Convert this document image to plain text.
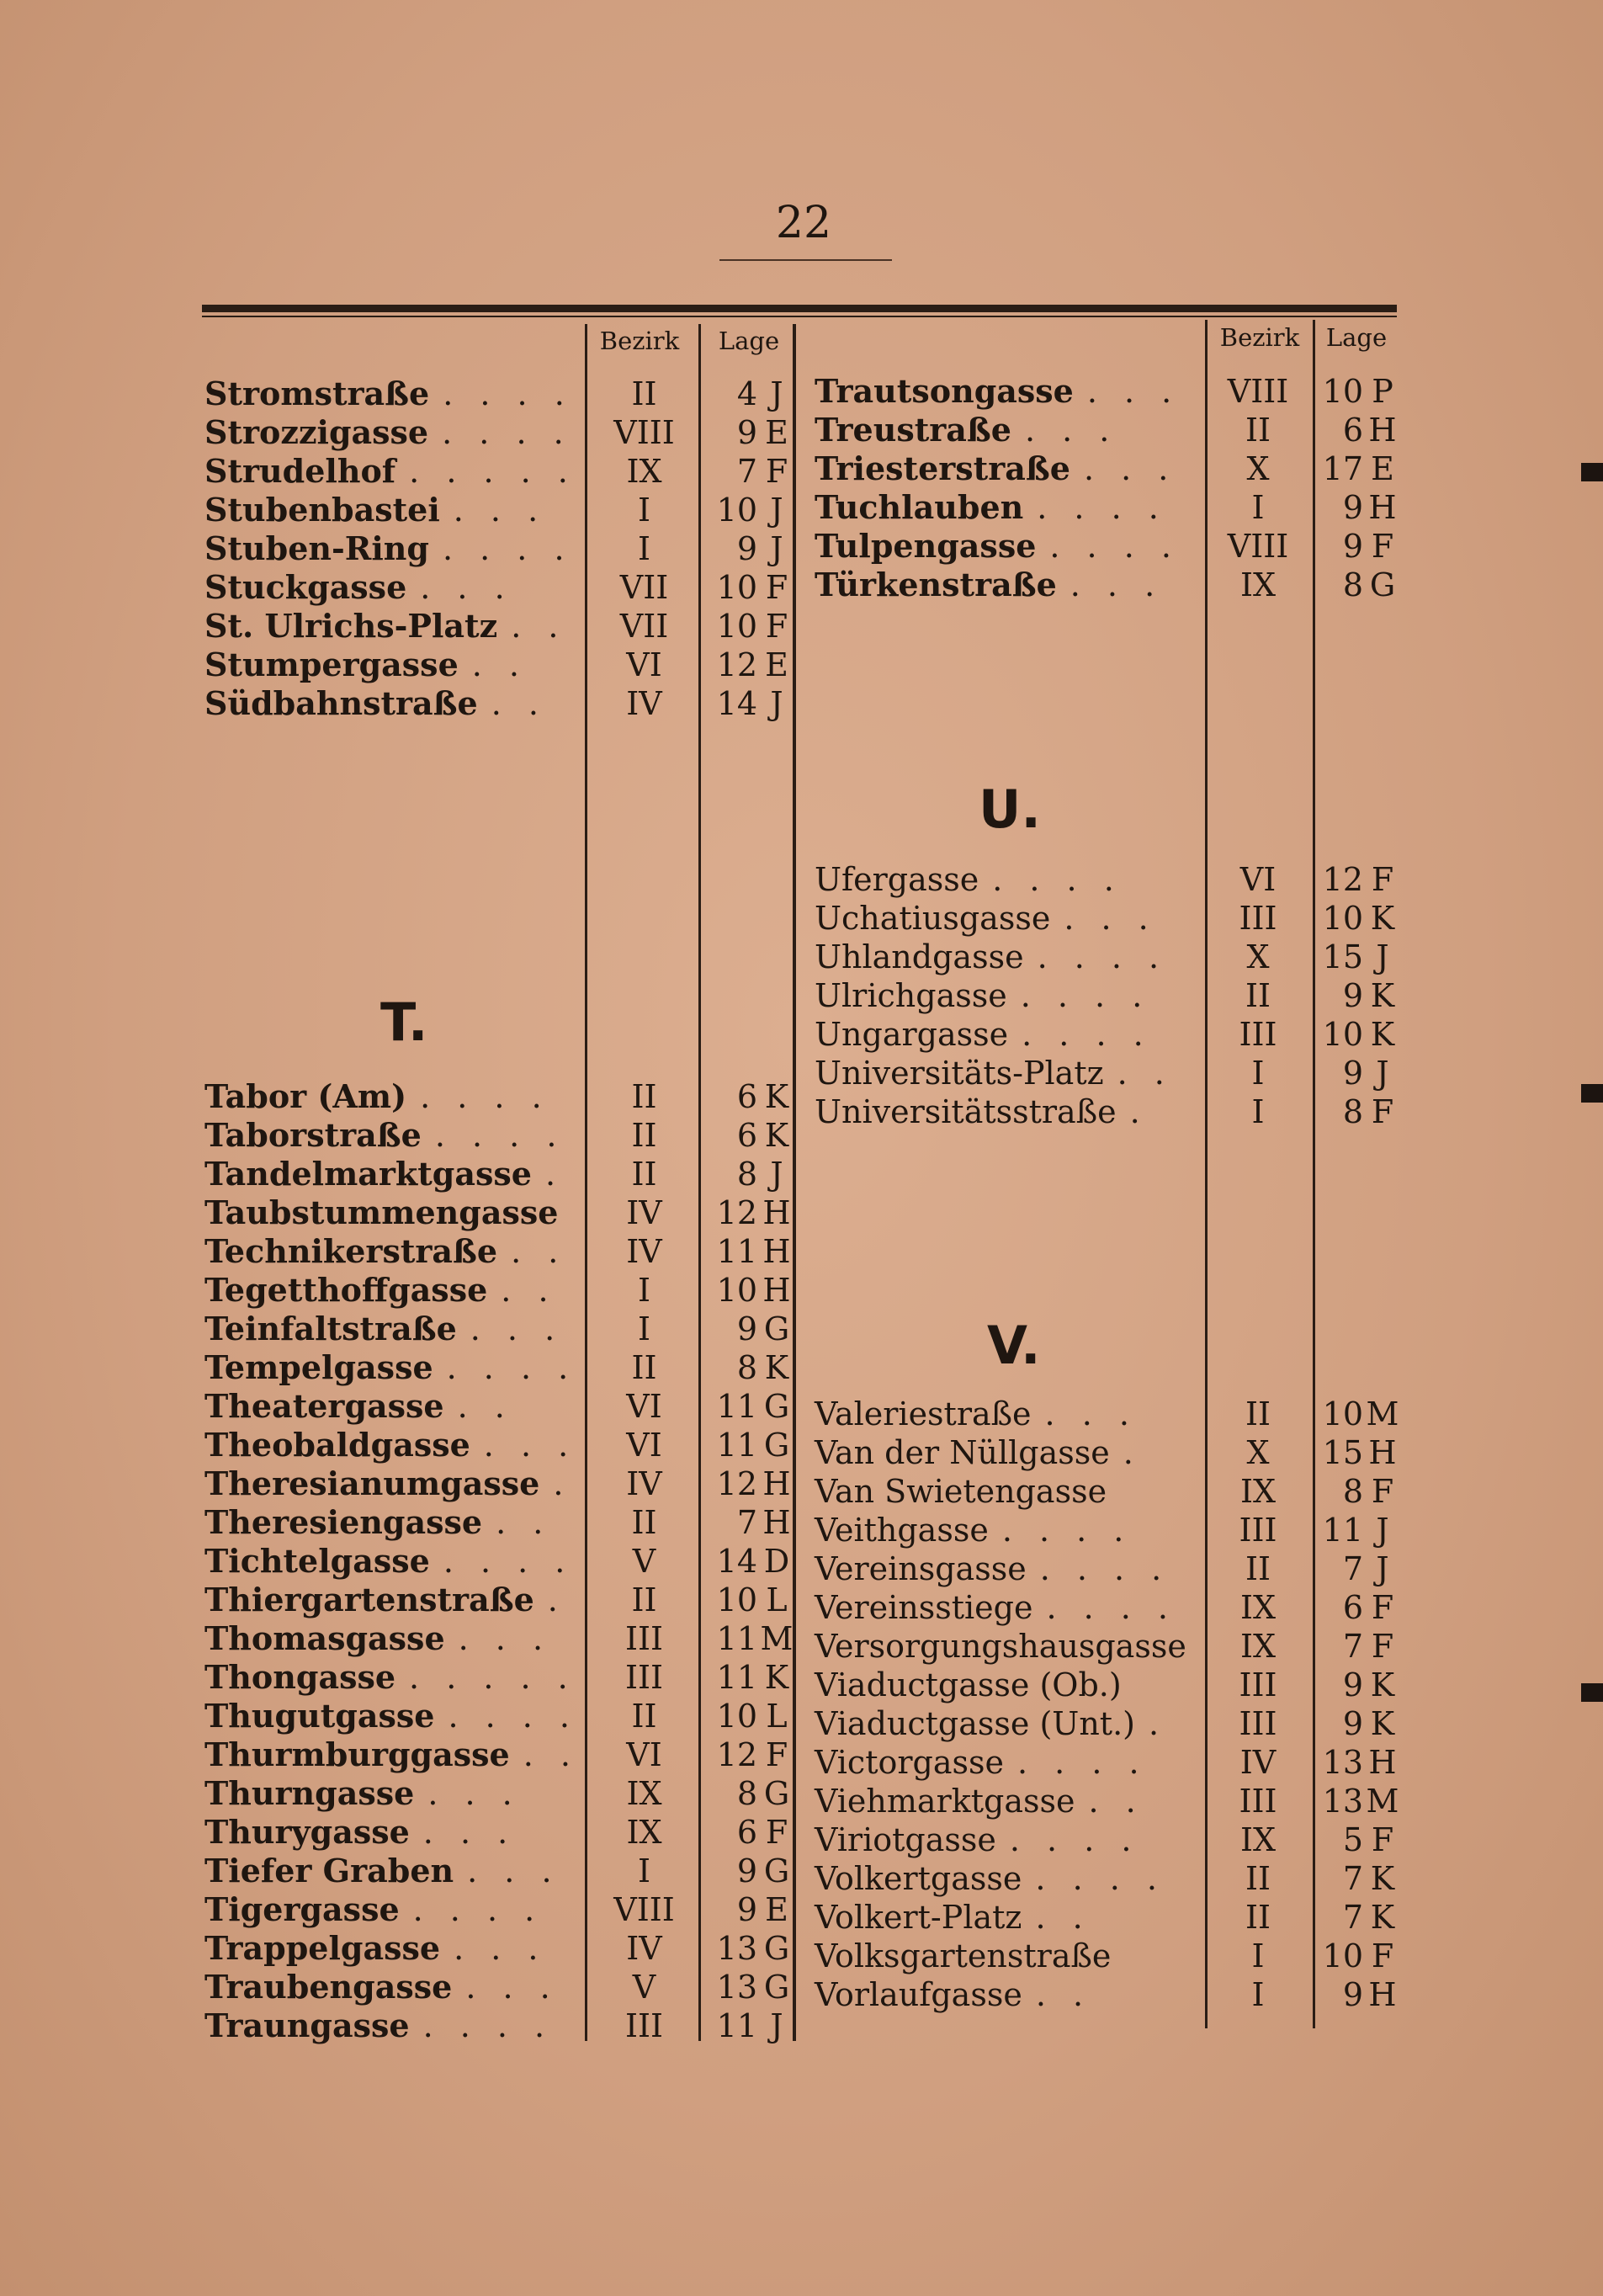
22
Bezirk	Lage	Bezirk	Lage
T.
U.
V.
Stromstraße . . . .	II	4 J
Strozzigasse . . . .	VIII	9 E
Strudelhof . . . . .	IX	7 F
Stubenbastei . . .	I	10 J
Stuben-Ring . . . .	I	9 J
Stuckgasse . . .	VII	10 F
St. Ulrichs-Platz . .	VII	10 F
Stumpergasse . .	VI	12 E
Südbahnstraße . .	IV	14 J
Tabor (Am) . . . .	II	6 K
Taborstraße . . . .	II	6 K
Tandelmarktgasse .	II	8 J
Taubstummengasse	IV	12 H
Technikerstraße . .	IV	11 H
Tegetthoffgasse . .	I	10 H
Teinfaltstraße . . .	I	9 G
Tempelgasse . . . .	II	8 K
Theatergasse . .	VI	11 G
Theobaldgasse . . .	VI	11 G
Theresianumgasse .	IV	12 H
Theresiengasse . .	II	7 H
Tichtelgasse . . . .	V	14 D
Thiergartenstraße .	II	10 L
Thomasgasse . . .	III	11 M
Thongasse . . . . .	III	11 K
Thugutgasse . . . .	II	10 L
Thurmburggasse . .	VI	12 F
Thurngasse . . .	IX	8 G
Thurygasse . . .	IX	6 F
Tiefer Graben . . .	I	9 G
Tigergasse . . . .	VIII	9 E
Trappelgasse . . .	IV	13 G
Traubengasse . . .	V	13 G
Traungasse . . . .	III	11 J
Trautsongasse . . .	VIII	10 P
Treustraße . . .	II	6 H
Triesterstraße . . .	X	17 E
Tuchlauben . . . .	I	9 H
Tulpengasse . . . .	VIII	9 F
Türkenstraße . . .	IX	8 G
Ufergasse . . . .	VI	12 F
Uchatiusgasse . . .	III	10 K
Uhlandgasse . . . .	X	15 J
Ulrichgasse . . . .	II	9 K
Ungargasse . . . .	III	10 K
Universitäts-Platz . .	I	9 J
Universitätsstraße .	I	8 F
Valeriestraße . . .	II	10 M
Van der Nüllgasse .	X	15 H
Van Swietengasse	IX	8 F
Veithgasse . . . .	III	11 J
Vereinsgasse . . . .	II	7 J
Vereinsstiege . . . .	IX	6 F
Versorgungshausgasse	IX	7 F
Viaductgasse (Ob.)	III	9 K
Viaductgasse (Unt.) .	III	9 K
Victorgasse . . . .	IV	13 H
Viehmarktgasse . .	III	13 M
Viriotgasse . . . .	IX	5 F
Volkertgasse . . . .	II	7 K
Volkert-Platz . .	II	7 K
Volksgartenstraße	I	10 F
Vorlaufgasse . .	I	9 H
